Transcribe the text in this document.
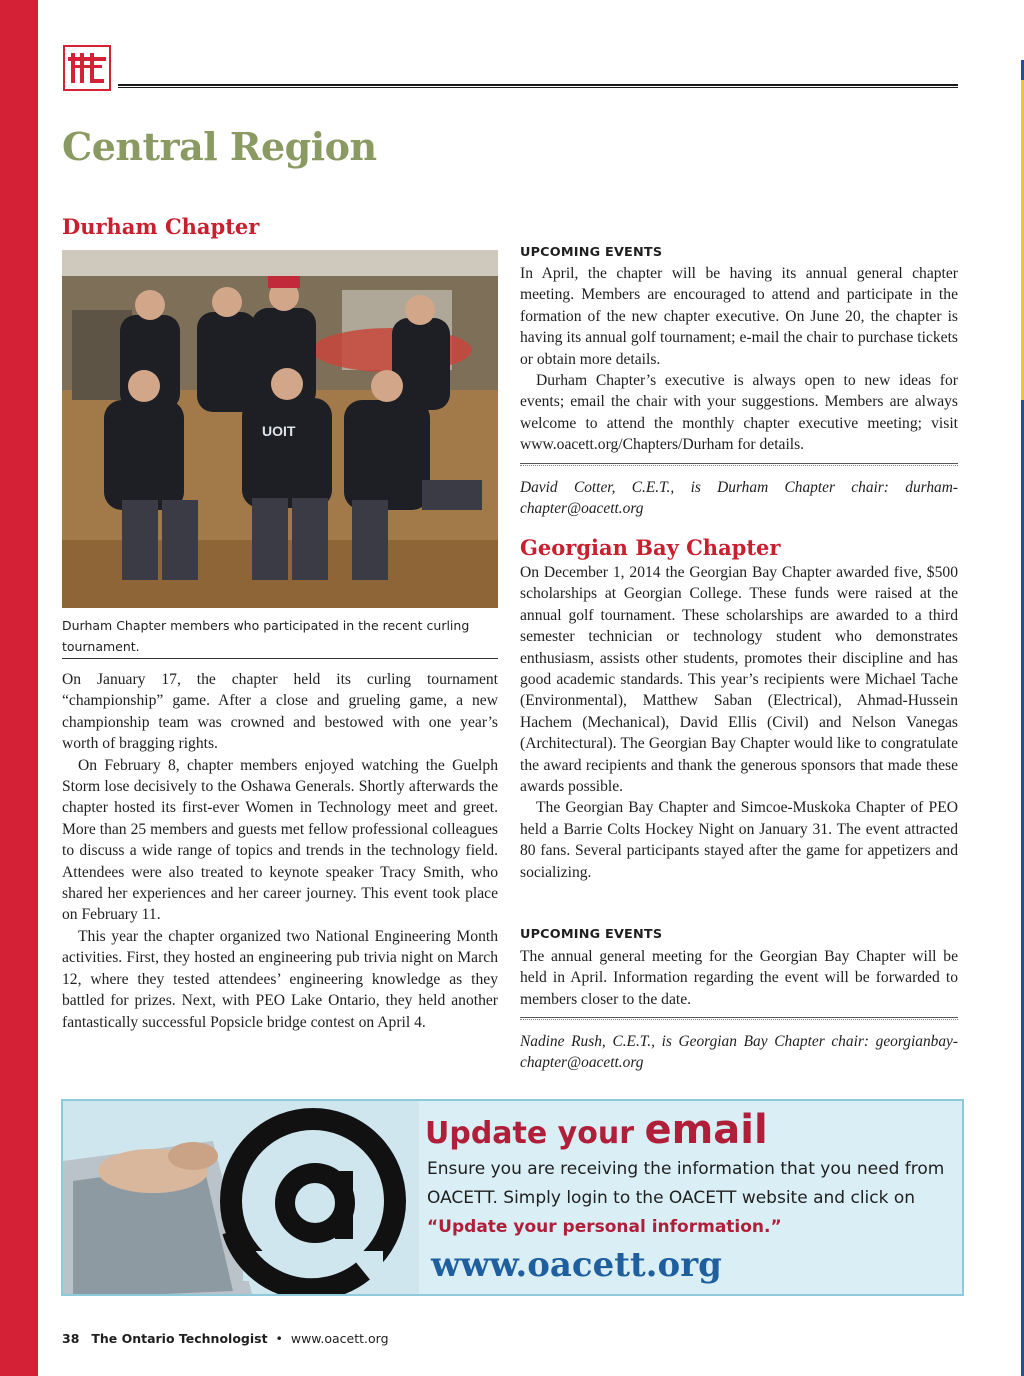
Central Region
Durham Chapter
UOIT
Durham Chapter members who participated in the recent curling tournament.

On January 17, the chapter held its curling tournament “championship” game. After a close and grueling game, a new championship team was crowned and bestowed with one year’s worth of bragging rights.

On February 8, chapter members enjoyed watching the Guelph Storm lose decisively to the Oshawa Generals. Shortly afterwards the chapter hosted its first-ever Women in Technology meet and greet. More than 25 members and guests met fellow professional colleagues to discuss a wide range of topics and trends in the technology field. Attendees were also treated to keynote speaker Tracy Smith, who shared her experiences and her career journey. This event took place on February 11.

This year the chapter organized two National Engineering Month activities. First, they hosted an engineering pub trivia night on March 12, where they tested attendees’ engineering knowledge as they battled for prizes. Next, with PEO Lake Ontario, they held another fantastically successful Popsicle bridge contest on April 4.

UPCOMING EVENTS

In April, the chapter will be having its annual general chapter meeting. Members are encouraged to attend and participate in the formation of the new chapter executive. On June 20, the chapter is having its annual golf tournament; e-mail the chair to purchase tickets or obtain more details.

Durham Chapter’s executive is always open to new ideas for events; email the chair with your suggestions. Members are always welcome to attend the monthly chapter executive meeting; visit www.oacett.org/Chapters/Durham for details.

David Cotter, C.E.T., is Durham Chapter chair: durham-chapter@oacett.org
Georgian Bay Chapter

On December 1, 2014 the Georgian Bay Chapter awarded five, $500 scholarships at Georgian College. These funds were raised at the annual golf tournament. These scholarships are awarded to a third semester technician or technology student who demonstrates enthusiasm, assists other students, promotes their discipline and has good academic standards. This year’s recipients were Michael Tache (Environmental), Matthew Saban (Electrical), Ahmad-Hussein Hachem (Mechanical), David Ellis (Civil) and Nelson Vanegas (Architectural). The Georgian Bay Chapter would like to congratulate the award recipients and thank the generous sponsors that made these awards possible.

The Georgian Bay Chapter and Simcoe-Muskoka Chapter of PEO held a Barrie Colts Hockey Night on January 31. The event attracted 80 fans. Several participants stayed after the game for appetizers and socializing.

UPCOMING EVENTS

The annual general meeting for the Georgian Bay Chapter will be held in April. Information regarding the event will be forwarded to members closer to the date.

Nadine Rush, C.E.T., is Georgian Bay Chapter chair: georgianbay-chapter@oacett.org
Update your email
Ensure you are receiving the information that you need from OACETT. Simply login to the OACETT website and click on
“Update your personal information.”
www.oacett.org
38 The Ontario Technologist • www.oacett.org
